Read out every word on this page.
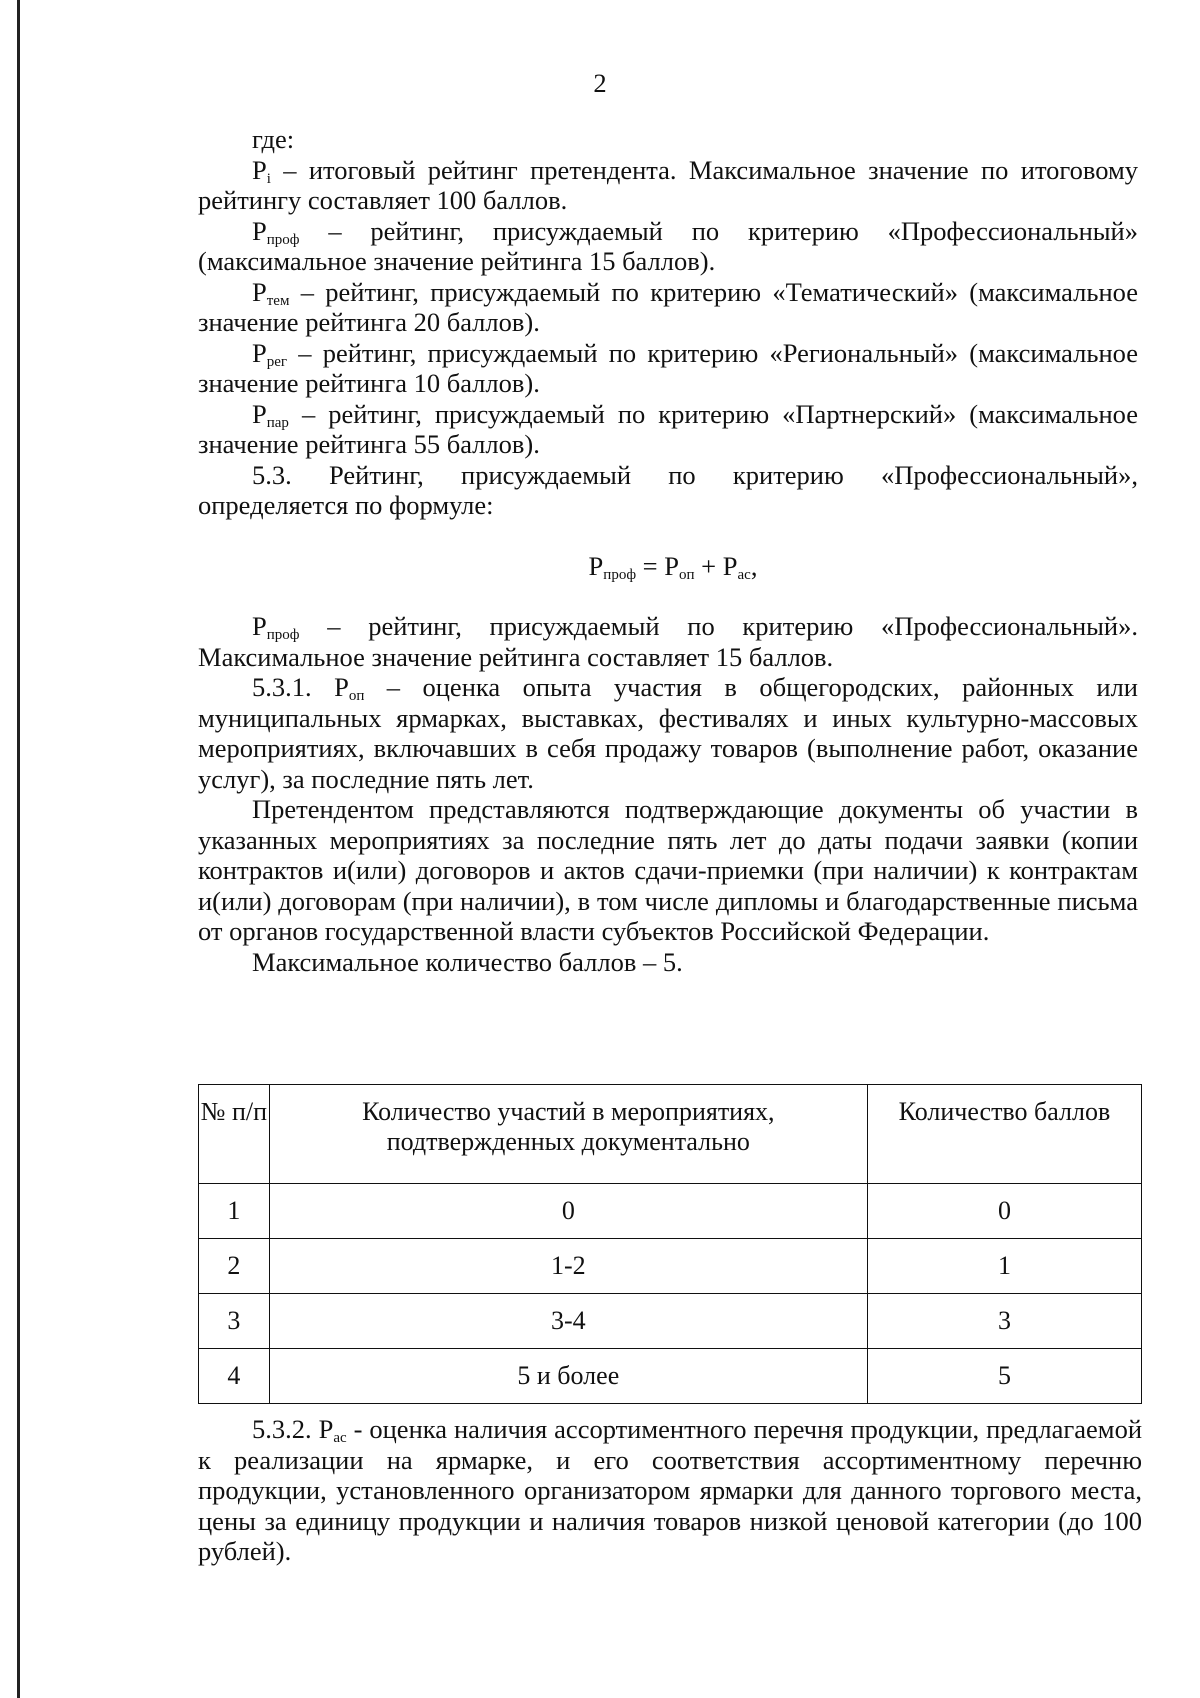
2

где:

$P_i$ – итоговый рейтинг претендента. Максимальное значение по итоговому рейтингу составляет 100 баллов.

$P_{проф}$ – рейтинг, присуждаемый по критерию «Профессиональный» (максимальное значение рейтинга 15 баллов).

$P_{тем}$ – рейтинг, присуждаемый по критерию «Тематический» (максимальное значение рейтинга 20 баллов).

$P_{рег}$ – рейтинг, присуждаемый по критерию «Региональный» (максимальное значение рейтинга 10 баллов).

$P_{пар}$ – рейтинг, присуждаемый по критерию «Партнерский» (максимальное значение рейтинга 55 баллов).

5.3. Рейтинг, присуждаемый по критерию «Профессиональный», определяется по формуле:

$P_{проф} = P_{оп} + P_{ас}$,

$P_{проф}$ – рейтинг, присуждаемый по критерию «Профессиональный». Максимальное значение рейтинга составляет 15 баллов.

5.3.1. $P_{оп}$ – оценка опыта участия в общегородских, районных или муниципальных ярмарках, выставках, фестивалях и иных культурно-массовых мероприятиях, включавших в себя продажу товаров (выполнение работ, оказание услуг), за последние пять лет.

Претендентом представляются подтверждающие документы об участии в указанных мероприятиях за последние пять лет до даты подачи заявки (копии контрактов и(или) договоров и актов сдачи-приемки (при наличии) к контрактам и(или) договорам (при наличии), в том числе дипломы и благодарственные письма от органов государственной власти субъектов Российской Федерации.

Максимальное количество баллов – 5.

№ п/п	Количество участий в мероприятиях, подтвержденных документально	Количество баллов
1	0	0
2	1-2	1
3	3-4	3
4	5 и более	5

5.3.2. $P_{ас}$ - оценка наличия ассортиментного перечня продукции, предлагаемой к реализации на ярмарке, и его соответствия ассортиментному перечню продукции, установленного организатором ярмарки для данного торгового места, цены за единицу продукции и наличия товаров низкой ценовой категории (до 100 рублей).
